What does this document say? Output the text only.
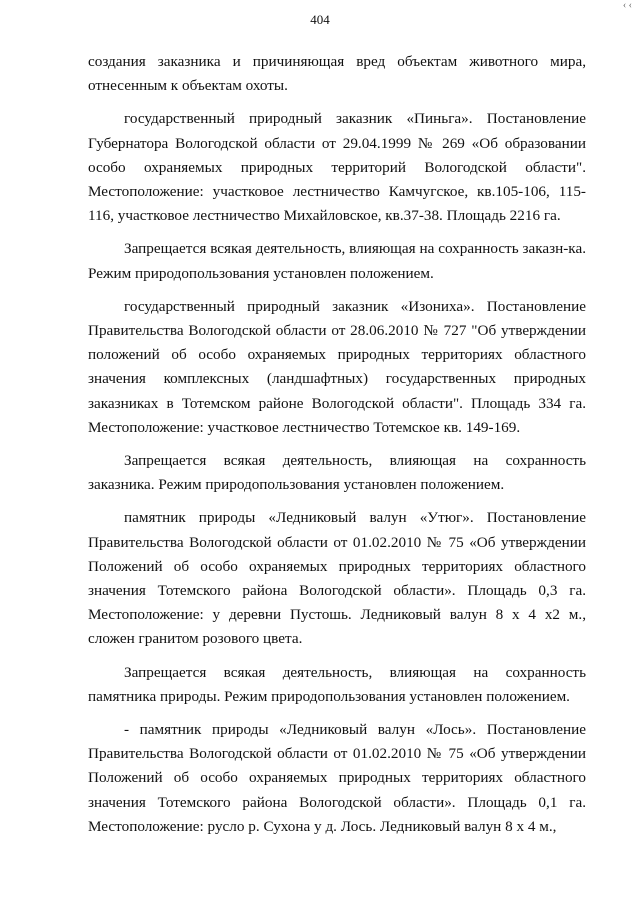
404
‹ ‹

создания заказника и причиняющая вред объектам животного мира, отнесенным к объектам охоты.

государственный природный заказник «Пиньга». Постановление Губернатора Вологодской области от 29.04.1999 № 269 «Об образовании особо охраняемых природных территорий Вологодской области". Местоположение: участковое лестничество Камчугское, кв.105-106, 115-116, участковое лестничество Михайловское, кв.37-38. Площадь 2216 га.

Запрещается всякая деятельность, влияющая на сохранность заказн-ка. Режим природопользования установлен положением.

государственный природный заказник «Изониха». Постановление Правительства Вологодской области от 28.06.2010 № 727 "Об утверждении положений об особо охраняемых природных территориях областного значения комплексных (ландшафтных) государственных природных заказниках в Тотемском районе Вологодской области". Площадь 334 га. Местоположение: участковое лестничество Тотемское кв. 149-169.

Запрещается всякая деятельность, влияющая на сохранность заказника. Режим природопользования установлен положением.

памятник природы «Ледниковый валун «Утюг». Постановление Правительства Вологодской области от 01.02.2010 № 75 «Об утверждении Положений об особо охраняемых природных территориях областного значения Тотемского района Вологодской области». Площадь 0,3 га. Местоположение: у деревни Пустошь. Ледниковый валун 8 х 4 х2 м., сложен гранитом розового цвета.

Запрещается всякая деятельность, влияющая на сохранность памятника природы. Режим природопользования установлен положением.

- памятник природы «Ледниковый валун «Лось». Постановление Правительства Вологодской области от 01.02.2010 № 75 «Об утверждении Положений об особо охраняемых природных территориях областного значения Тотемского района Вологодской области». Площадь 0,1 га. Местоположение: русло р. Сухона у д. Лось. Ледниковый валун 8 х 4 м.,
